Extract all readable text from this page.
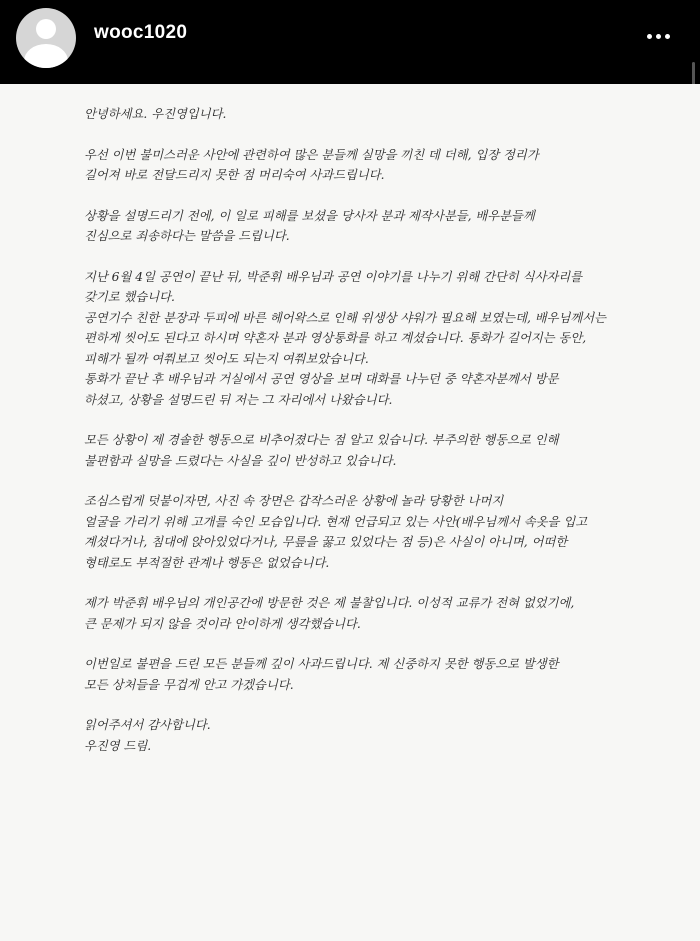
wooc1020

안녕하세요. 우진영입니다.

우선 이번 불미스러운 사안에 관련하여 많은 분들께 실망을 끼친 데 더해, 입장 정리가

길어져 바로 전달드리지 못한 점 머리숙여 사과드립니다.

상황을 설명드리기 전에, 이 일로 피해를 보셨을 당사자 분과 제작사분들, 배우분들께

진심으로 죄송하다는 말씀을 드립니다.

지난 6월 4일 공연이 끝난 뒤, 박준휘 배우님과 공연 이야기를 나누기 위해 간단히 식사자리를

갖기로 했습니다.

공연기수 친한 분장과 두피에 바른 헤어왁스로 인해 위생상 샤워가 필요해 보였는데, 배우님께서는

편하게 씻어도 된다고 하시며 약혼자 분과 영상통화를 하고 계셨습니다. 통화가 길어지는 동안,

피해가 될까 여쭤보고 씻어도 되는지 여쭤보았습니다.

통화가 끝난 후 배우님과 거실에서 공연 영상을 보며 대화를 나누던 중 약혼자분께서 방문

하셨고, 상황을 설명드린 뒤 저는 그 자리에서 나왔습니다.

모든 상황이 제 경솔한 행동으로 비추어졌다는 점 알고 있습니다. 부주의한 행동으로 인해

불편함과 실망을 드렸다는 사실을 깊이 반성하고 있습니다.

조심스럽게 덧붙이자면, 사진 속 장면은 갑작스러운 상황에 놀라 당황한 나머지

얼굴을 가리기 위해 고개를 숙인 모습입니다. 현재 언급되고 있는 사안(배우님께서 속옷을 입고

계셨다거나, 침대에 앉아있었다거나, 무릎을 꿇고 있었다는 점 등)은 사실이 아니며, 어떠한

형태로도 부적절한 관계나 행동은 없었습니다.

제가 박준휘 배우님의 개인공간에 방문한 것은 제 불찰입니다. 이성적 교류가 전혀 없었기에,

큰 문제가 되지 않을 것이라 안이하게 생각했습니다.

이번일로 불편을 드린 모든 분들께 깊이 사과드립니다. 제 신중하지 못한 행동으로 발생한

모든 상처들을 무겁게 안고 가겠습니다.

읽어주셔서 감사합니다.

우진영 드림.
